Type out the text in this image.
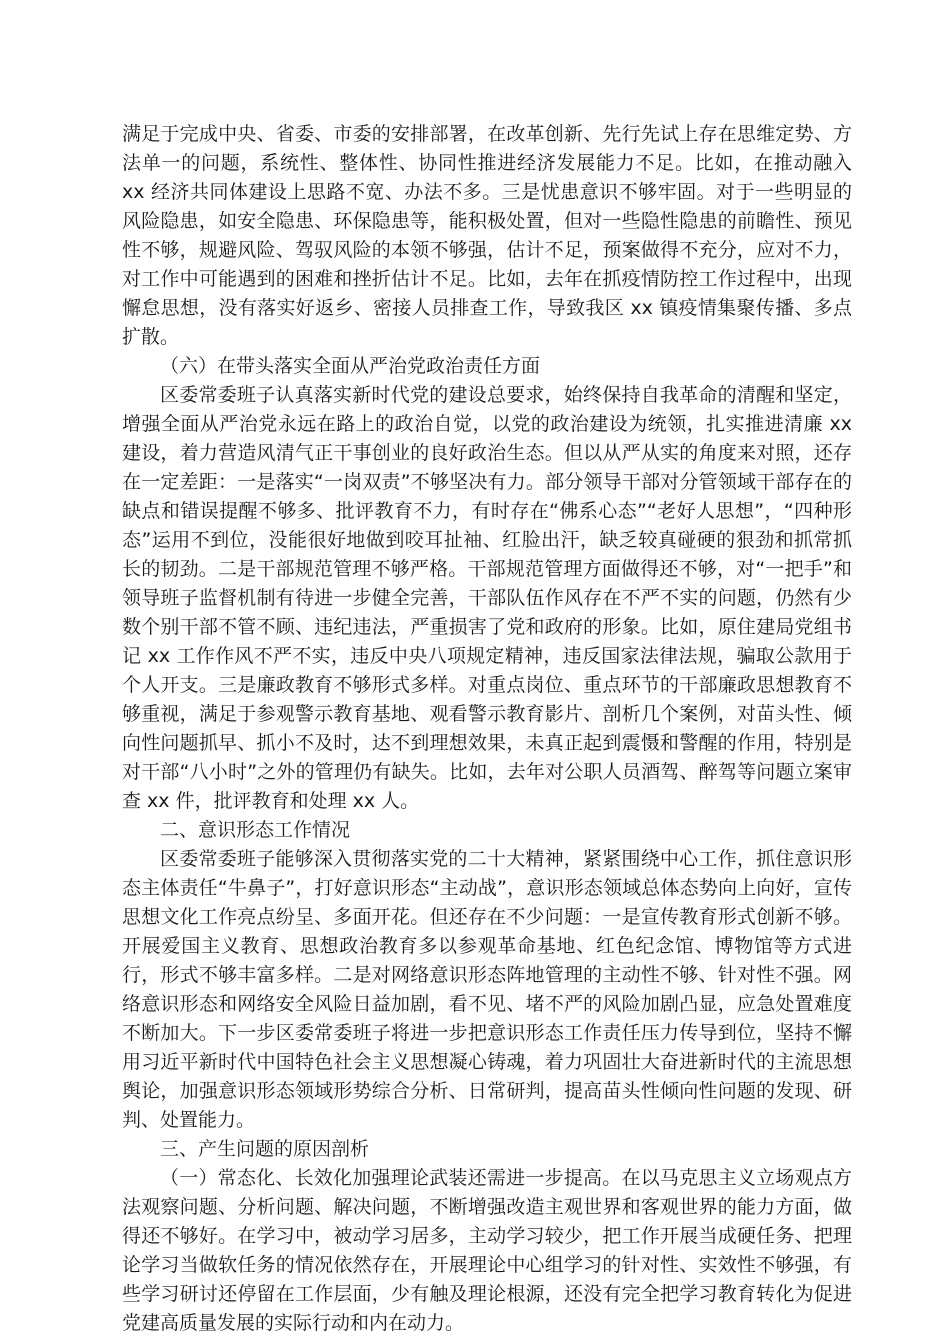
满足于完成中央、省委、市委的安排部署，在改革创新、先行先试上存在思维定势、方法单一的问题，系统性、整体性、协同性推进经济发展能力不足。比如，在推动融入 xx 经济共同体建设上思路不宽、办法不多。三是忧患意识不够牢固。对于一些明显的风险隐患，如安全隐患、环保隐患等，能积极处置，但对一些隐性隐患的前瞻性、预见性不够，规避风险、驾驭风险的本领不够强，估计不足，预案做得不充分，应对不力，对工作中可能遇到的困难和挫折估计不足。比如，去年在抓疫情防控工作过程中，出现懈怠思想，没有落实好返乡、密接人员排查工作，导致我区 xx 镇疫情集聚传播、多点扩散。

（六）在带头落实全面从严治党政治责任方面

区委常委班子认真落实新时代党的建设总要求，始终保持自我革命的清醒和坚定，增强全面从严治党永远在路上的政治自觉，以党的政治建设为统领，扎实推进清廉 xx 建设，着力营造风清气正干事创业的良好政治生态。但以从严从实的角度来对照，还存在一定差距：一是落实“一岗双责”不够坚决有力。部分领导干部对分管领域干部存在的缺点和错误提醒不够多、批评教育不力，有时存在“佛系心态”“老好人思想”，“四种形态”运用不到位，没能很好地做到咬耳扯袖、红脸出汗，缺乏较真碰硬的狠劲和抓常抓长的韧劲。二是干部规范管理不够严格。干部规范管理方面做得还不够，对“一把手”和领导班子监督机制有待进一步健全完善，干部队伍作风存在不严不实的问题，仍然有少数个别干部不管不顾、违纪违法，严重损害了党和政府的形象。比如，原住建局党组书记 xx 工作作风不严不实，违反中央八项规定精神，违反国家法律法规，骗取公款用于个人开支。三是廉政教育不够形式多样。对重点岗位、重点环节的干部廉政思想教育不够重视，满足于参观警示教育基地、观看警示教育影片、剖析几个案例，对苗头性、倾向性问题抓早、抓小不及时，达不到理想效果，未真正起到震慑和警醒的作用，特别是对干部“八小时”之外的管理仍有缺失。比如，去年对公职人员酒驾、醉驾等问题立案审查 xx 件，批评教育和处理 xx 人。

二、意识形态工作情况

区委常委班子能够深入贯彻落实党的二十大精神，紧紧围绕中心工作，抓住意识形态主体责任“牛鼻子”，打好意识形态“主动战”，意识形态领域总体态势向上向好，宣传思想文化工作亮点纷呈、多面开花。但还存在不少问题：一是宣传教育形式创新不够。开展爱国主义教育、思想政治教育多以参观革命基地、红色纪念馆、博物馆等方式进行，形式不够丰富多样。二是对网络意识形态阵地管理的主动性不够、针对性不强。网络意识形态和网络安全风险日益加剧，看不见、堵不严的风险加剧凸显，应急处置难度不断加大。下一步区委常委班子将进一步把意识形态工作责任压力传导到位，坚持不懈用习近平新时代中国特色社会主义思想凝心铸魂，着力巩固壮大奋进新时代的主流思想舆论，加强意识形态领域形势综合分析、日常研判，提高苗头性倾向性问题的发现、研判、处置能力。

三、产生问题的原因剖析

（一）常态化、长效化加强理论武装还需进一步提高。在以马克思主义立场观点方法观察问题、分析问题、解决问题，不断增强改造主观世界和客观世界的能力方面，做得还不够好。在学习中，被动学习居多，主动学习较少，把工作开展当成硬任务、把理论学习当做软任务的情况依然存在，开展理论中心组学习的针对性、实效性不够强，有些学习研讨还停留在工作层面，少有触及理论根源，还没有完全把学习教育转化为促进党建高质量发展的实际行动和内在动力。
